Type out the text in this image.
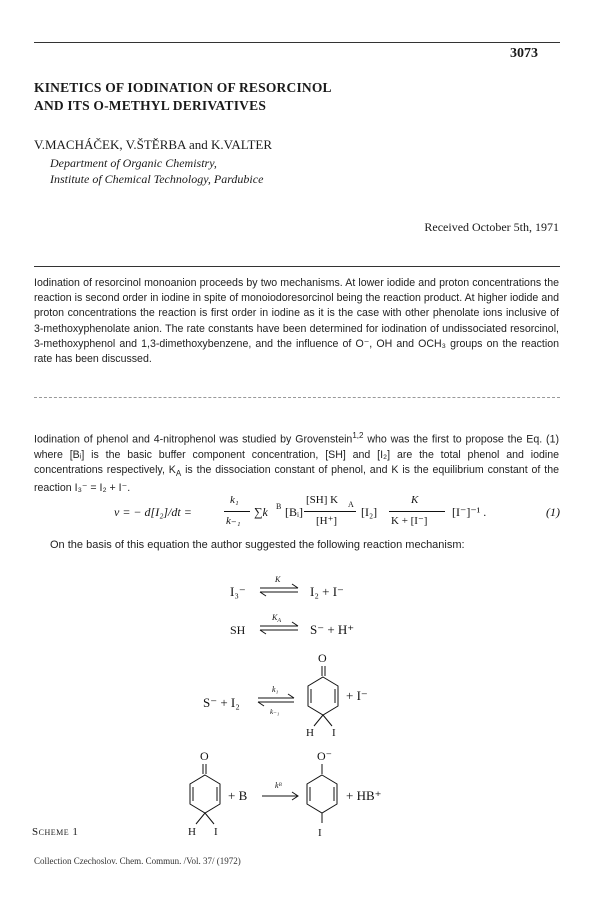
3073
KINETICS OF IODINATION OF RESORCINOL
AND ITS O-METHYL DERIVATIVES
V.MACHÁČEK, V.ŠTĚRBA and K.VALTER
Department of Organic Chemistry,
Institute of Chemical Technology, Pardubice
Received October 5th, 1971
Iodination of resorcinol monoanion proceeds by two mechanisms. At lower iodide and proton concentrations the reaction is second order in iodine in spite of monoiodoresorcinol being the reaction product. At higher iodide and proton concentrations the reaction is first order in iodine as it is the case with other phenolate ions inclusive of 3-methoxyphenolate anion. The rate constants have been determined for iodination of undissociated resorcinol, 3-methoxyphenol and 1,3-dimethoxybenzene, and the influence of O⁻, OH and OCH₃ groups on the reaction rate has been discussed.

Iodination of phenol and 4-nitrophenol was studied by Grovenstein$^{1,2}$ who was the first to propose the Eq. (1) where [Bᵢ] is the basic buffer component concentration, [SH] and [I₂] are the total phenol and iodine concentrations respectively, $K_A$ is the dissociation constant of phenol, and K is the equilibrium constant of the reaction I₃⁻ = I₂ + I⁻.

v = − d[I₂]/dt =
k₁
k₋₁
∑k B [Bᵢ]
[SH] K A
[H⁺]
[I₂]
K
K + [I⁻]
[I⁻]⁻¹ .	(1)
On the basis of this equation the author suggested the following reaction mechanism:
I₃⁻
K
I₂ + I⁻
SH
$K_A$
S⁻ + H⁺
S⁻ + I₂
k₁
k₋₁
O
H I
+ I⁻
O
H I
+ B
kᴮ
O⁻
I
+ HB⁺
Scheme 1
Collection Czechoslov. Chem. Commun. /Vol. 37/ (1972)
